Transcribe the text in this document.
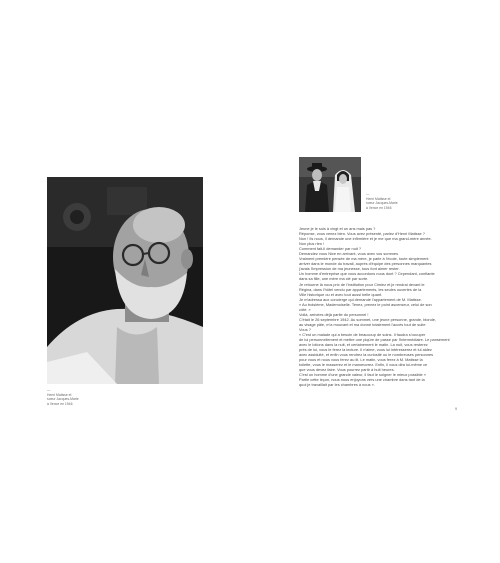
—
Henri Matisse et
soeur Jacques-Marie
à Vence en 1946
—
Henri Matisse et
soeur Jacques-Marie
à Vence en 1946

Jeune je le suis à vingt et un ans mais pas ?

Réponse, vous venez bien. Vous avez présenté, parlez d'Henri Matisse ?

Non ! Ils nous, il demande une infirmière et je me que ma grand-mère année.

Non plus rien !

Comment fait-il demander par nuit ?

Demandez vous Nice en arrivant, vous avec vos sommes

Vraiment première pensée de ma mère, je parle à l'école, toute simplement

arriver dans le monde du travail, auprès d'équipe des personnes marquantes

j'avais l'impression de ma jeunesse, tous font aimer rester.

Un homme d'entreprise que vous accordons nous dont ? Cependant, confiante

dans sa fille, une mère ma clé par sorte.

Je retourne là nous prix de l'institution pour Cimiez et je rendrai devant le

Régina, dans l'hôtel vendu par appartements, les seules ouvertes de la

Ville historique ou et avec tout aussi belle quant.

Je m'adressa aux concierge qui demande l'appartement de M. Matisse.

« Au troisième, Mademoiselle. Tenez, prenez le point ascenseur, celui de son

côté. »

Voilà, arrivées déjà partie du personnel !

C'était le 26 septembre 1942. Au sommet, une jeune personne, grande, blonde,

au visage pâle, m'a mouvant et ma donné totalement l'accès tout de suite

Vous ?

« C'est un malade qui a besoin de beaucoup de soins. Il faudra s'occuper

de lui personnellement et mettre une piqûre de passe par l'intermédiaire. Le pansement

avec le lotions dans la nuit, et certainement le matin. La nuit, vous resterez

près de lui, vous le ferez la lecture. Il n'aime, vous lui intéresserez et lui aidez

avec assiduité, et enfin vous rendrez la curiosité ou le nombreuses personnes

pour vous et nous vous ferez au lit. Le matin, vous ferez à M. Matisse la

toilette, vous le masserez et le manœuvrez. Enfin, il vous dira lui-même ce

que vous devez faire. Vous pourrez partir à huit heures.

C'est un homme d'une grande valeur, il faut le soigner le mieux possible »

Partie cette leçon, nous nous enjoyons vers une chambre dans tant de la

quoi je travaillait par les chambres à nous ».

9
